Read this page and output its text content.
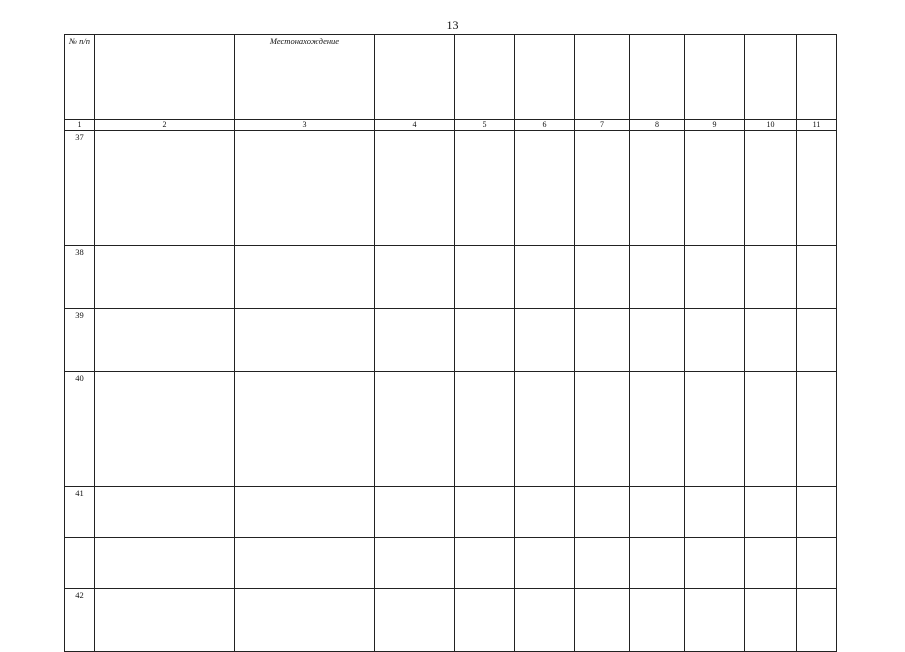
13
№ п/п		Местонахождение								
1	2	3	4	5	6	7	8	9	10	11
37										
38										
39										
40										
41										

42										
